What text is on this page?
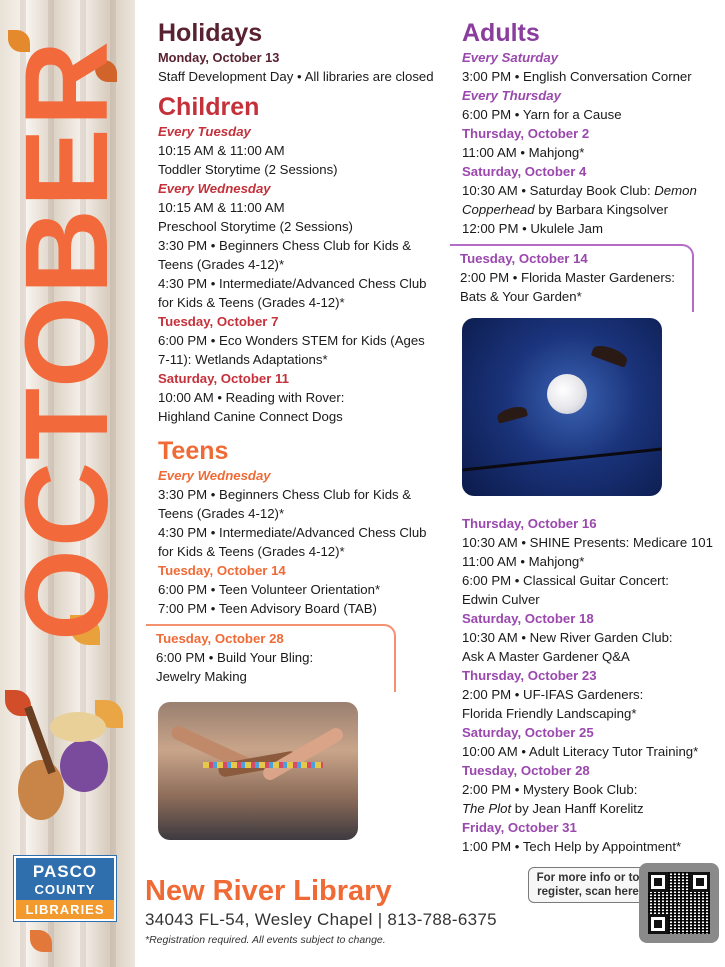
OCTOBER
PASCO
COUNTY
LIBRARIES
Holidays

Monday, October 13

Staff Development Day • All libraries are closed

Children

Every Tuesday

10:15 AM & 11:00 AM

Toddler Storytime (2 Sessions)

Every Wednesday

10:15 AM & 11:00 AM

Preschool Storytime (2 Sessions)

3:30 PM • Beginners Chess Club for Kids &

Teens (Grades 4-12)*

4:30 PM • Intermediate/Advanced Chess Club

for Kids & Teens (Grades 4-12)*

Tuesday, October 7

6:00 PM • Eco Wonders STEM for Kids (Ages

7-11): Wetlands Adaptations*

Saturday, October 11

10:00 AM • Reading with Rover:

Highland Canine Connect Dogs

Teens

Every Wednesday

3:30 PM • Beginners Chess Club for Kids &

Teens (Grades 4-12)*

4:30 PM • Intermediate/Advanced Chess Club

for Kids & Teens (Grades 4-12)*

Tuesday, October 14

6:00 PM • Teen Volunteer Orientation*

7:00 PM • Teen Advisory Board (TAB)

Tuesday, October 28

6:00 PM • Build Your Bling:

Jewelry Making

Adults

Every Saturday

3:00 PM • English Conversation Corner

Every Thursday

6:00 PM • Yarn for a Cause

Thursday, October 2

11:00 AM • Mahjong*

Saturday, October 4

10:30 AM • Saturday Book Club: Demon

Copperhead by Barbara Kingsolver

12:00 PM • Ukulele Jam

Tuesday, October 14

2:00 PM • Florida Master Gardeners:

Bats & Your Garden*

Thursday, October 16

10:30 AM • SHINE Presents: Medicare 101

11:00 AM • Mahjong*

6:00 PM • Classical Guitar Concert:

Edwin Culver

Saturday, October 18

10:30 AM • New River Garden Club:

Ask A Master Gardener Q&A

Thursday, October 23

2:00 PM • UF-IFAS Gardeners:

Florida Friendly Landscaping*

Saturday, October 25

10:00 AM • Adult Literacy Tutor Training*

Tuesday, October 28

2:00 PM • Mystery Book Club:

The Plot by Jean Hanff Korelitz

Friday, October 31

1:00 PM • Tech Help by Appointment*

New River Library
34043 FL-54, Wesley Chapel | 813-788-6375
*Registration required. All events subject to change.
For more info or to
register, scan here
